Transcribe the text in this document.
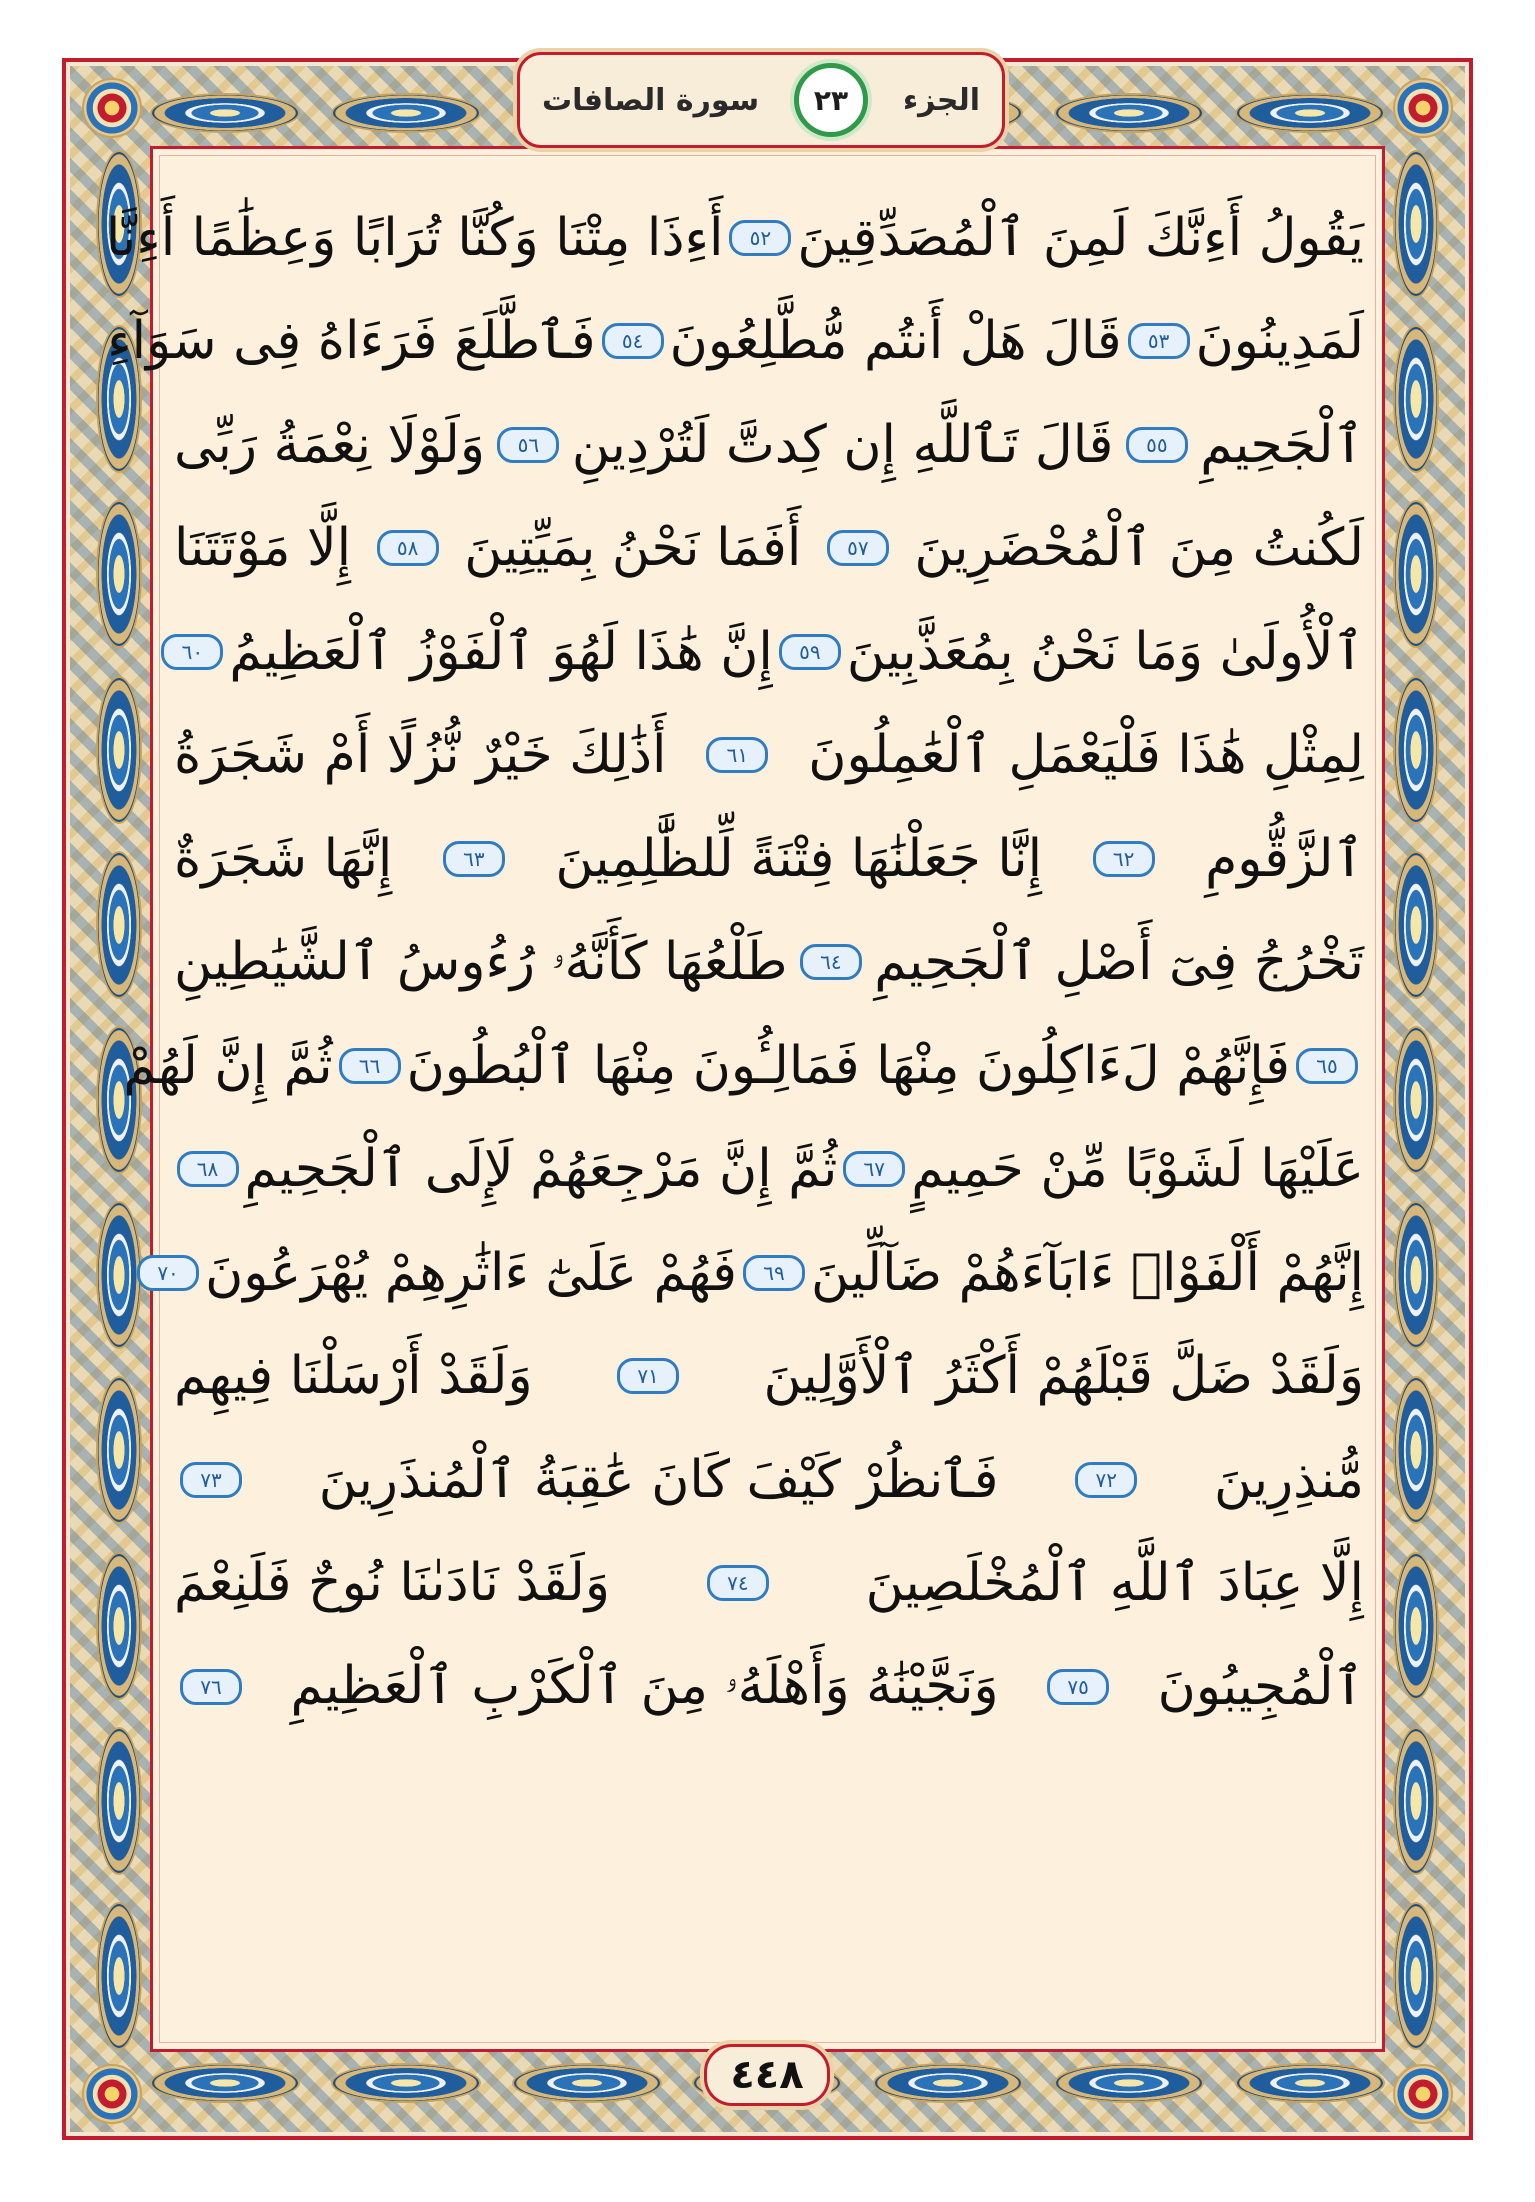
الجزء
٢٣
سورة الصافات
يَقُولُ أَءِنَّكَ لَمِنَ ٱلْمُصَدِّقِينَ
٥٢
أَءِذَا مِتْنَا وَكُنَّا تُرَابًا وَعِظَٰمًا أَءِنَّا
لَمَدِينُونَ
٥٣
قَالَ هَلْ أَنتُم مُّطَّلِعُونَ
٥٤
فَٱطَّلَعَ فَرَءَاهُ فِى سَوَآءِ
ٱلْجَحِيمِ
٥٥
قَالَ تَٱللَّهِ إِن كِدتَّ لَتُرْدِينِ
٥٦
وَلَوْلَا نِعْمَةُ رَبِّى
لَكُنتُ مِنَ ٱلْمُحْضَرِينَ
٥٧
أَفَمَا نَحْنُ بِمَيِّتِينَ
٥٨
إِلَّا مَوْتَتَنَا
ٱلْأُولَىٰ وَمَا نَحْنُ بِمُعَذَّبِينَ
٥٩
إِنَّ هَٰذَا لَهُوَ ٱلْفَوْزُ ٱلْعَظِيمُ
٦٠
لِمِثْلِ هَٰذَا فَلْيَعْمَلِ ٱلْعَٰمِلُونَ
٦١
أَذَٰلِكَ خَيْرٌ نُّزُلًا أَمْ شَجَرَةُ
ٱلزَّقُّومِ
٦٢
إِنَّا جَعَلْنَٰهَا فِتْنَةً لِّلظَّٰلِمِينَ
٦٣
إِنَّهَا شَجَرَةٌ
تَخْرُجُ فِىٓ أَصْلِ ٱلْجَحِيمِ
٦٤
طَلْعُهَا كَأَنَّهُۥ رُءُوسُ ٱلشَّيَٰطِينِ
٦٥
فَإِنَّهُمْ لَءَاكِلُونَ مِنْهَا فَمَالِـُٔونَ مِنْهَا ٱلْبُطُونَ
٦٦
ثُمَّ إِنَّ لَهُمْ
عَلَيْهَا لَشَوْبًا مِّنْ حَمِيمٍ
٦٧
ثُمَّ إِنَّ مَرْجِعَهُمْ لَإِلَى ٱلْجَحِيمِ
٦٨
إِنَّهُمْ أَلْفَوْا۟ ءَابَآءَهُمْ ضَآلِّينَ
٦٩
فَهُمْ عَلَىٰٓ ءَاثَٰرِهِمْ يُهْرَعُونَ
٧٠
وَلَقَدْ ضَلَّ قَبْلَهُمْ أَكْثَرُ ٱلْأَوَّلِينَ
٧١
وَلَقَدْ أَرْسَلْنَا فِيهِم
مُّنذِرِينَ
٧٢
فَٱنظُرْ كَيْفَ كَانَ عَٰقِبَةُ ٱلْمُنذَرِينَ
٧٣
إِلَّا عِبَادَ ٱللَّهِ ٱلْمُخْلَصِينَ
٧٤
وَلَقَدْ نَادَىٰنَا نُوحٌ فَلَنِعْمَ
ٱلْمُجِيبُونَ
٧٥
وَنَجَّيْنَٰهُ وَأَهْلَهُۥ مِنَ ٱلْكَرْبِ ٱلْعَظِيمِ
٧٦
٤٤٨
